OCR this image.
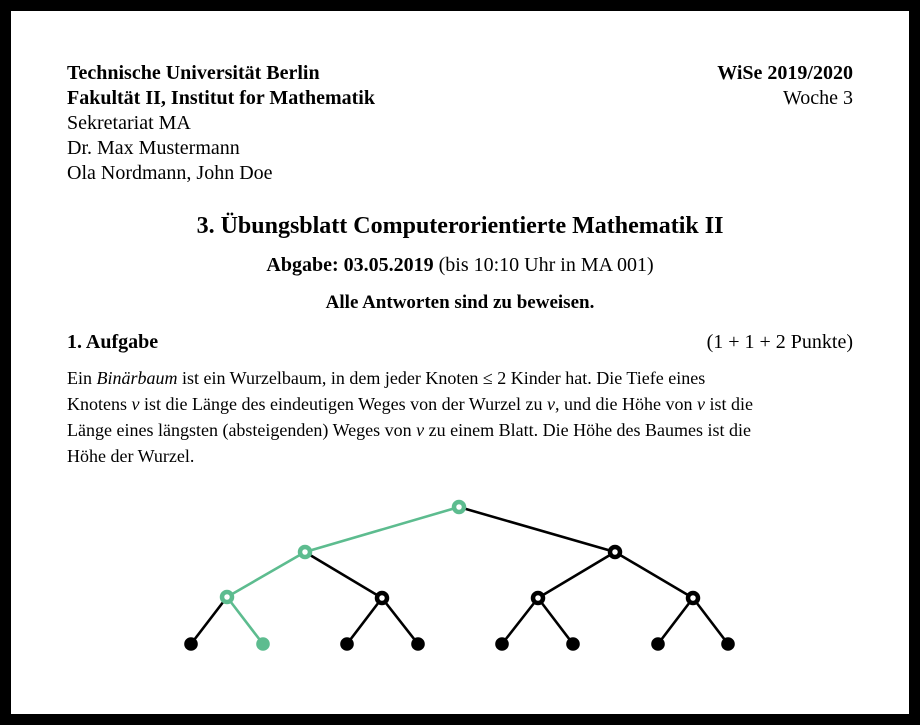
Technische Universität Berlin
Fakultät II, Institut for Mathematik
Sekretariat MA
Dr. Max Mustermann
Ola Nordmann, John Doe
WiSe 2019/2020
Woche 3
3. Übungsblatt Computerorientierte Mathematik II
Abgabe: 03.05.2019 (bis 10:10 Uhr in MA 001)
Alle Antworten sind zu beweisen.
1. Aufgabe	(1 + 1 + 2 Punkte)
Ein Binärbaum ist ein Wurzelbaum, in dem jeder Knoten ≤ 2 Kinder hat. Die Tiefe eines
Knotens v ist die Länge des eindeutigen Weges von der Wurzel zu v, und die Höhe von v ist die
Länge eines längsten (absteigenden) Weges von v zu einem Blatt. Die Höhe des Baumes ist die
Höhe der Wurzel.
